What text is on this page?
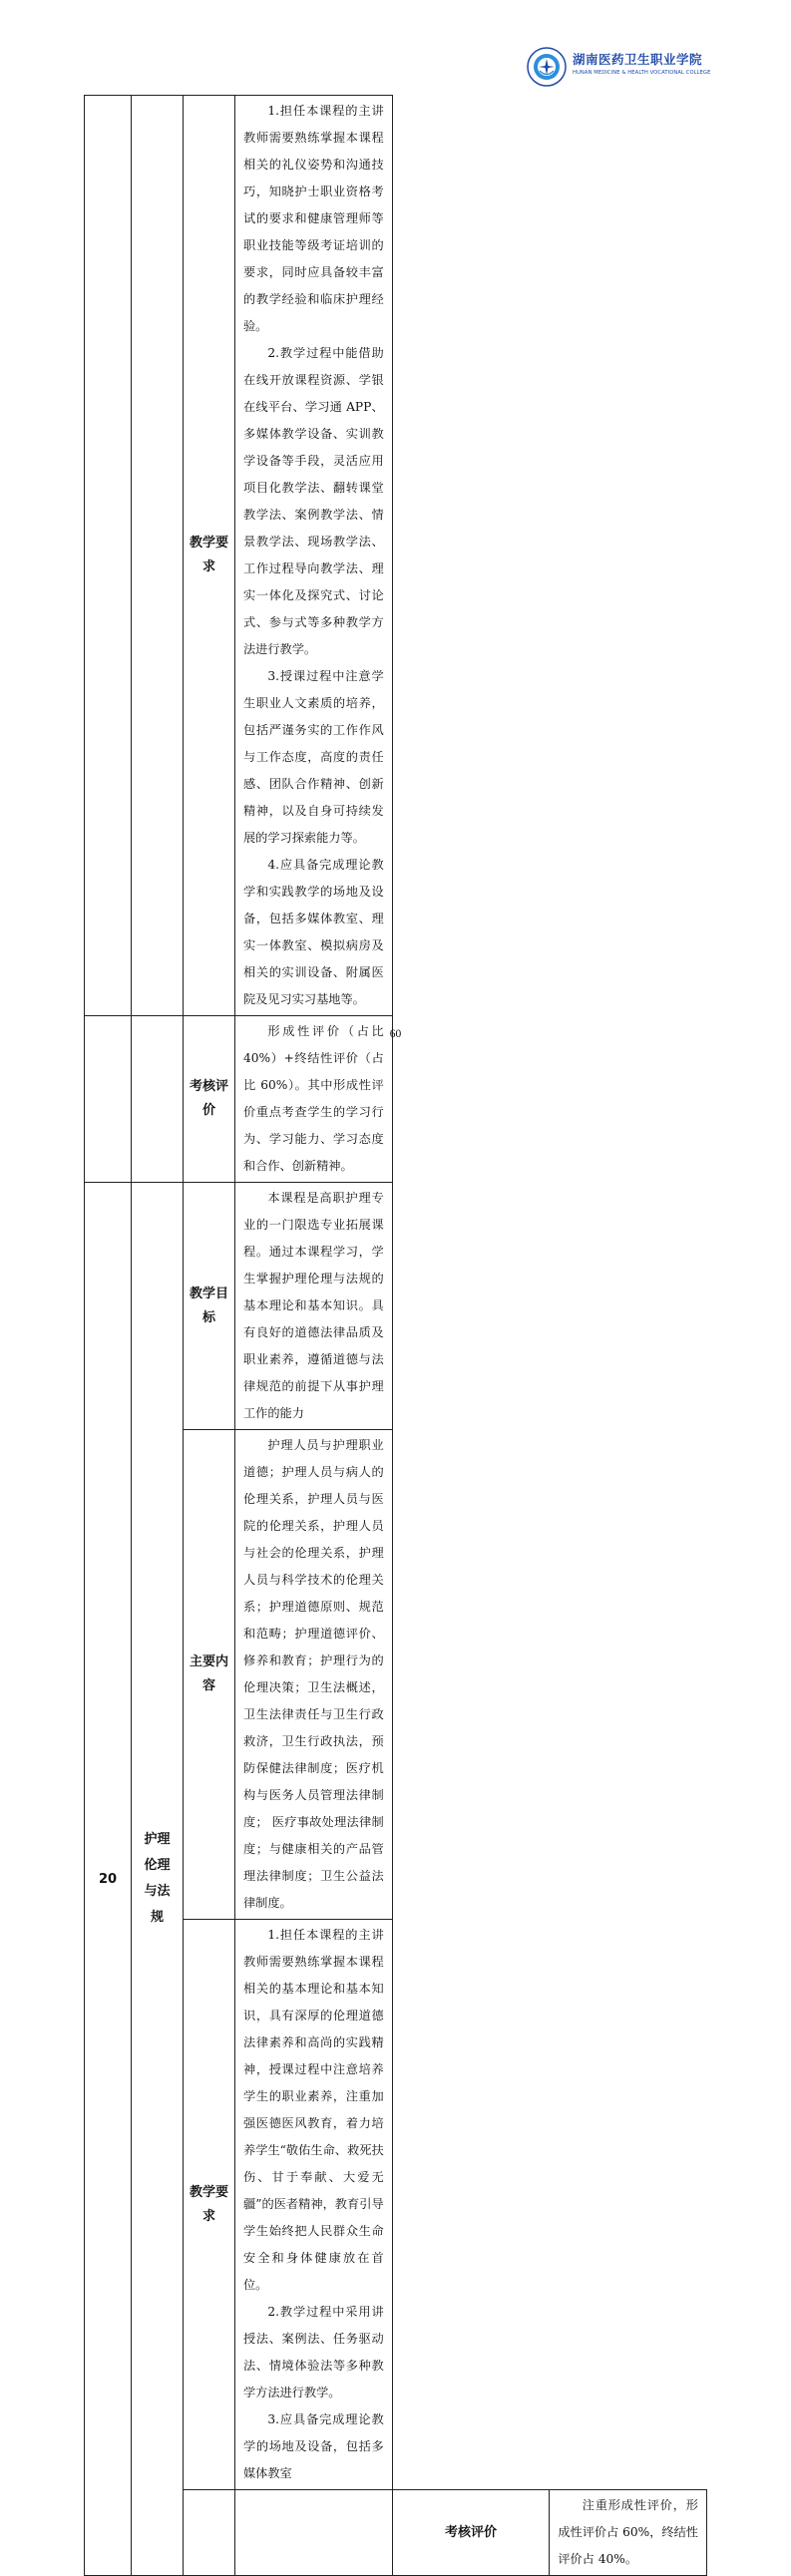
湖南医药卫生职业学院
HUNAN MEDICINE & HEALTH VOCATIONAL COLLEGE
		教学要求	1.担任本课程的主讲教师需要熟练掌握本课程相关的礼仪姿势和沟通技巧，知晓护士职业资格考试的要求和健康管理师等职业技能等级考证培训的要求，同时应具备较丰富的教学经验和临床护理经验。

2.教学过程中能借助在线开放课程资源、学银在线平台、学习通 APP、多媒体教学设备、实训教学设备等手段，灵活应用项目化教学法、翻转课堂教学法、案例教学法、情景教学法、现场教学法、工作过程导向教学法、理实一体化及探究式、讨论式、参与式等多种教学方法进行教学。

3.授课过程中注意学生职业人文素质的培养，包括严谨务实的工作作风与工作态度，高度的责任感、团队合作精神、创新精神，以及自身可持续发展的学习探索能力等。

4.应具备完成理论教学和实践教学的场地及设备，包括多媒体教室、理实一体教室、模拟病房及相关的实训设备、附属医院及见习实习基地等。		

		考核评价	形成性评价（占比 40%）+终结性评价（占比 60%）。其中形成性评价重点考查学生的学习行为、学习能力、学习态度和合作、创新精神。		

20	护理伦理与法规	教学目标	本课程是高职护理专业的一门限选专业拓展课程。通过本课程学习，学生掌握护理伦理与法规的基本理论和基本知识。具有良好的道德法律品质及职业素养，遵循道德与法律规范的前提下从事护理工作的能力		

		主要内容	护理人员与护理职业道德；护理人员与病人的伦理关系，护理人员与医院的伦理关系，护理人员与社会的伦理关系，护理人员与科学技术的伦理关系；护理道德原则、规范和范畴；护理道德评价、修养和教育；护理行为的伦理决策；卫生法概述，卫生法律责任与卫生行政救济，卫生行政执法，预防保健法律制度；医疗机构与医务人员管理法律制度； 医疗事故处理法律制度；与健康相关的产品管理法律制度；卫生公益法律制度。		

		教学要求	1.担任本课程的主讲教师需要熟练掌握本课程相关的基本理论和基本知识，具有深厚的伦理道德法律素养和高尚的实践精神，授课过程中注意培养学生的职业素养，注重加强医德医风教育，着力培养学生“敬佑生命、救死扶伤、甘于奉献、大爱无疆”的医者精神，教育引导学生始终把人民群众生命安全和身体健康放在首位。

2.教学过程中采用讲授法、案例法、任务驱动法、情境体验法等多种教学方法进行教学。

3.应具备完成理论教学的场地及设备，包括多媒体教室		

				考核评价	注重形成性评价，形成性评价占 60%，终结性评价占 40%。

60
